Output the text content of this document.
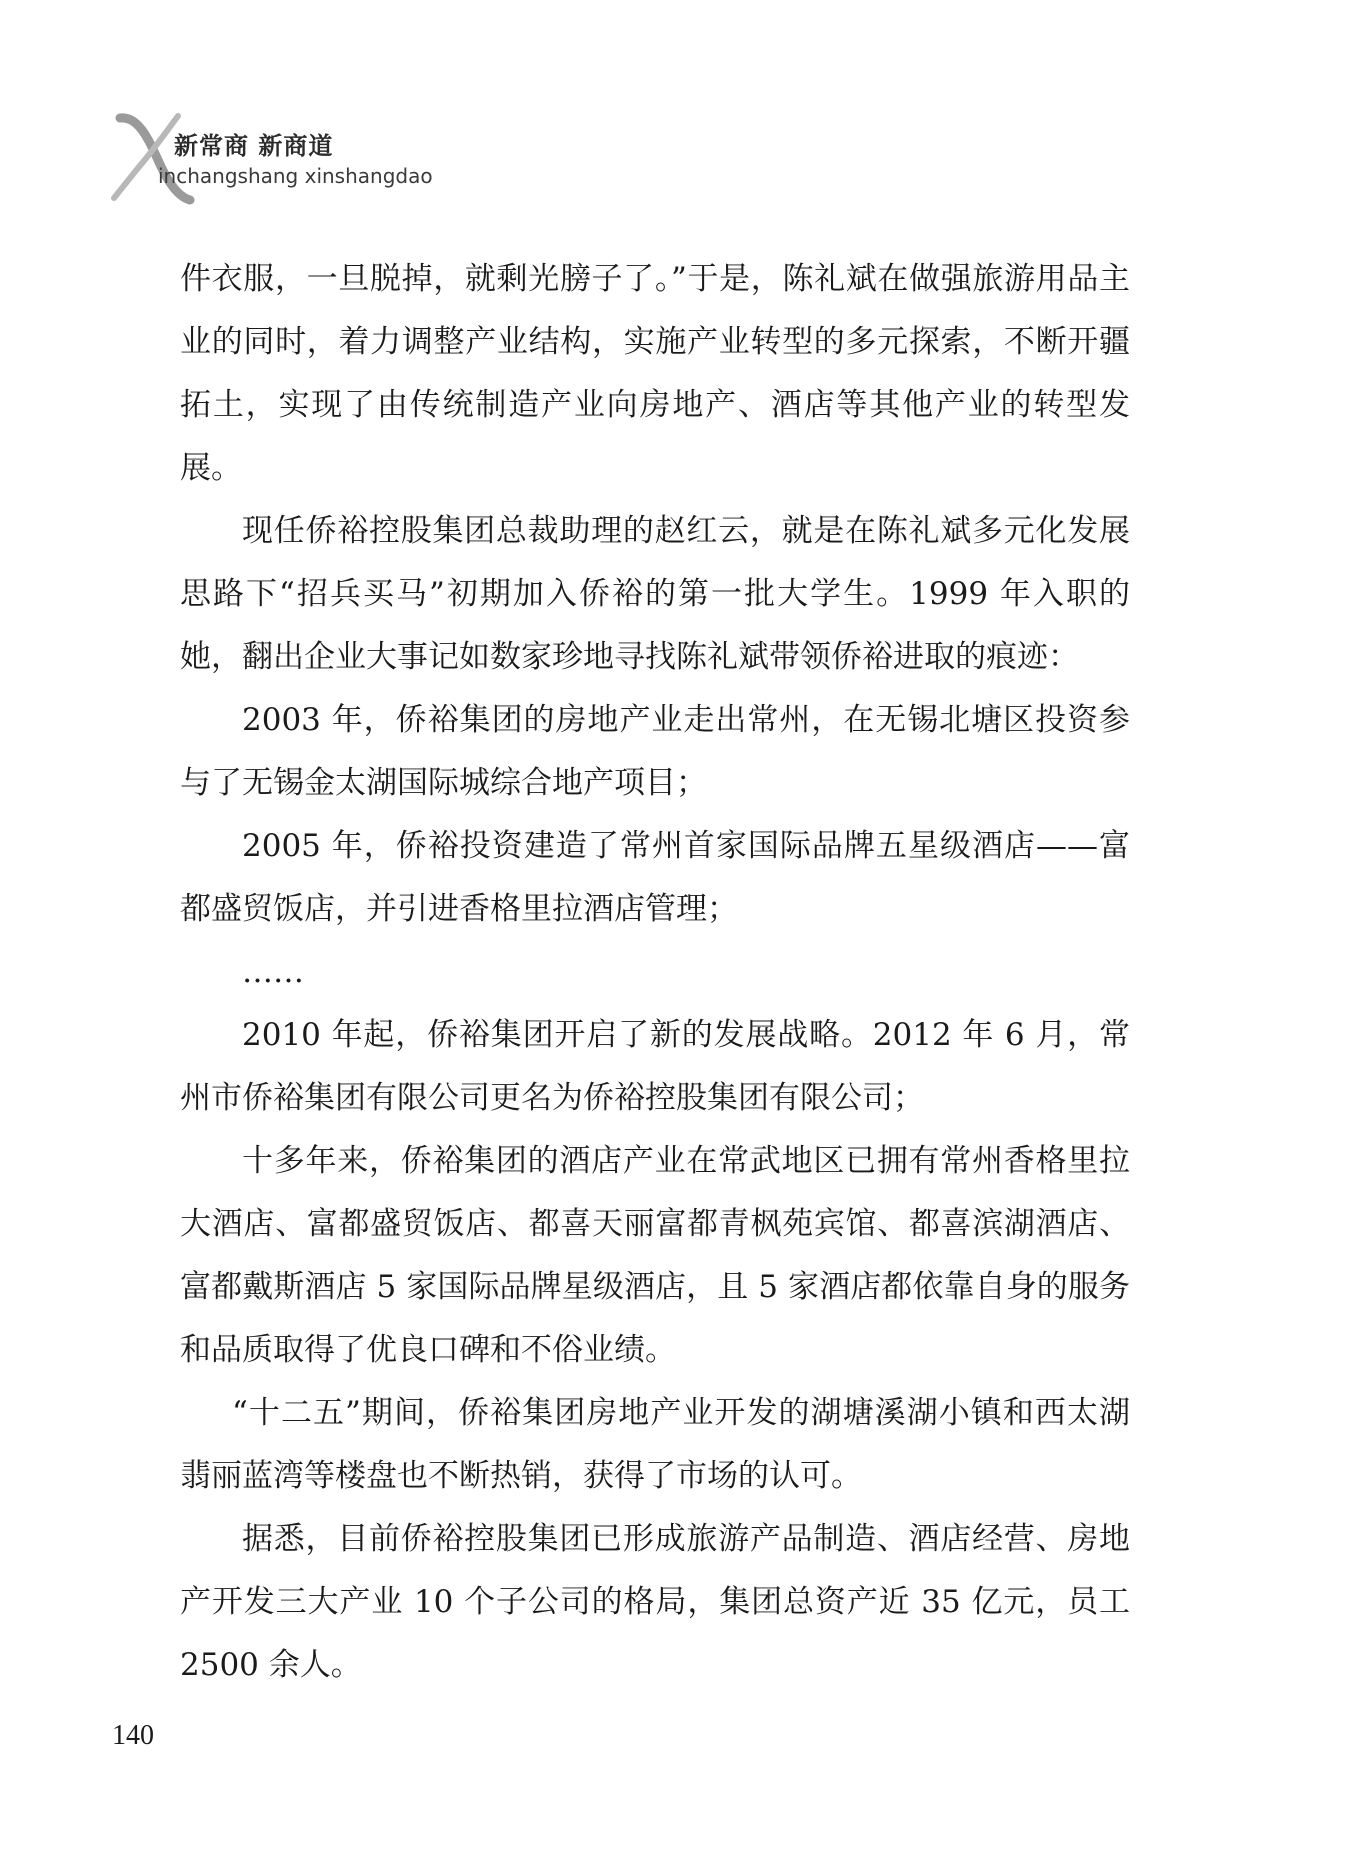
新常商 新商道
inchangshang xinshangdao

件衣服，一旦脱掉，就剩光膀子了。”于是，陈礼斌在做强旅游用品主业的同时，着力调整产业结构，实施产业转型的多元探索，不断开疆拓土，实现了由传统制造产业向房地产、酒店等其他产业的转型发展。

现任侨裕控股集团总裁助理的赵红云，就是在陈礼斌多元化发展思路下“招兵买马”初期加入侨裕的第一批大学生。1999 年入职的她，翻出企业大事记如数家珍地寻找陈礼斌带领侨裕进取的痕迹：

2003 年，侨裕集团的房地产业走出常州，在无锡北塘区投资参与了无锡金太湖国际城综合地产项目；

2005 年，侨裕投资建造了常州首家国际品牌五星级酒店——富都盛贸饭店，并引进香格里拉酒店管理；

……

2010 年起，侨裕集团开启了新的发展战略。2012 年 6 月，常州市侨裕集团有限公司更名为侨裕控股集团有限公司；

十多年来，侨裕集团的酒店产业在常武地区已拥有常州香格里拉大酒店、富都盛贸饭店、都喜天丽富都青枫苑宾馆、都喜滨湖酒店、富都戴斯酒店 5 家国际品牌星级酒店，且 5 家酒店都依靠自身的服务和品质取得了优良口碑和不俗业绩。

“十二五”期间，侨裕集团房地产业开发的湖塘溪湖小镇和西太湖翡丽蓝湾等楼盘也不断热销，获得了市场的认可。

据悉，目前侨裕控股集团已形成旅游产品制造、酒店经营、房地产开发三大产业 10 个子公司的格局，集团总资产近 35 亿元，员工 2500 余人。

140
